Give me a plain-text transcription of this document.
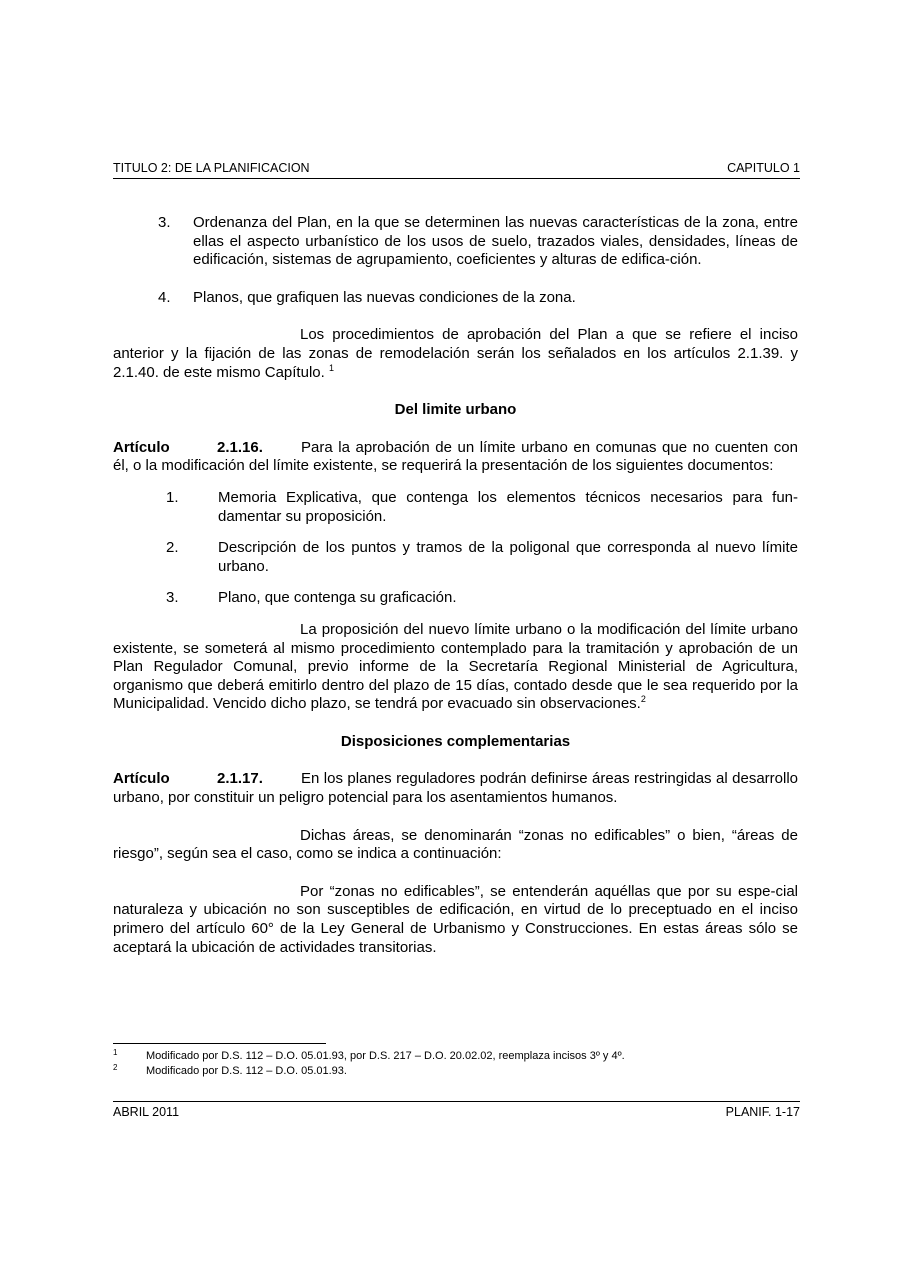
TITULO 2: DE LA PLANIFICACION	CAPITULO 1
3. Ordenanza del Plan, en la que se determinen las nuevas características de la zona, entre ellas el aspecto urbanístico de los usos de suelo, trazados viales, densidades, líneas de edificación, sistemas de agrupamiento, coeficientes y alturas de edifica-ción.
4. Planos, que grafiquen las nuevas condiciones de la zona.

Los procedimientos de aprobación del Plan a que se refiere el inciso anterior y la fijación de las zonas de remodelación serán los señalados en los artículos 2.1.39. y 2.1.40. de este mismo Capítulo. $^1$

Del limite urbano

Artículo	2.1.16.	Para la aprobación de un límite urbano en comunas que no cuenten con él, o la modificación del límite existente, se requerirá la presentación de los siguientes documentos:

1.	Memoria Explicativa, que contenga los elementos técnicos necesarios para fun-damentar su proposición.
2.	Descripción de los puntos y tramos de la poligonal que corresponda al nuevo límite urbano.
3.	Plano, que contenga su graficación.

La proposición del nuevo límite urbano o la modificación del límite urbano existente, se someterá al mismo procedimiento contemplado para la tramitación y aprobación de un Plan Regulador Comunal, previo informe de la Secretaría Regional Ministerial de Agricultura, organismo que deberá emitirlo dentro del plazo de 15 días, contado desde que le sea requerido por la Municipalidad. Vencido dicho plazo, se tendrá por evacuado sin observaciones.$^2$

Disposiciones complementarias

Artículo	2.1.17.	En los planes reguladores podrán definirse áreas restringidas al desarrollo urbano, por constituir un peligro potencial para los asentamientos humanos.

Dichas áreas, se denominarán “zonas no edificables” o bien, “áreas de riesgo”, según sea el caso, como se indica a continuación:

Por “zonas no edificables”, se entenderán aquéllas que por su espe-cial naturaleza y ubicación no son susceptibles de edificación, en virtud de lo preceptuado en el inciso primero del artículo 60° de la Ley General de Urbanismo y Construcciones. En estas áreas sólo se aceptará la ubicación de actividades transitorias.

1	Modificado por D.S. 112 – D.O. 05.01.93, por D.S. 217 – D.O. 20.02.02, reemplaza incisos 3º y 4º.
2	Modificado por D.S. 112 – D.O. 05.01.93.
ABRIL 2011	PLANIF. 1-17
